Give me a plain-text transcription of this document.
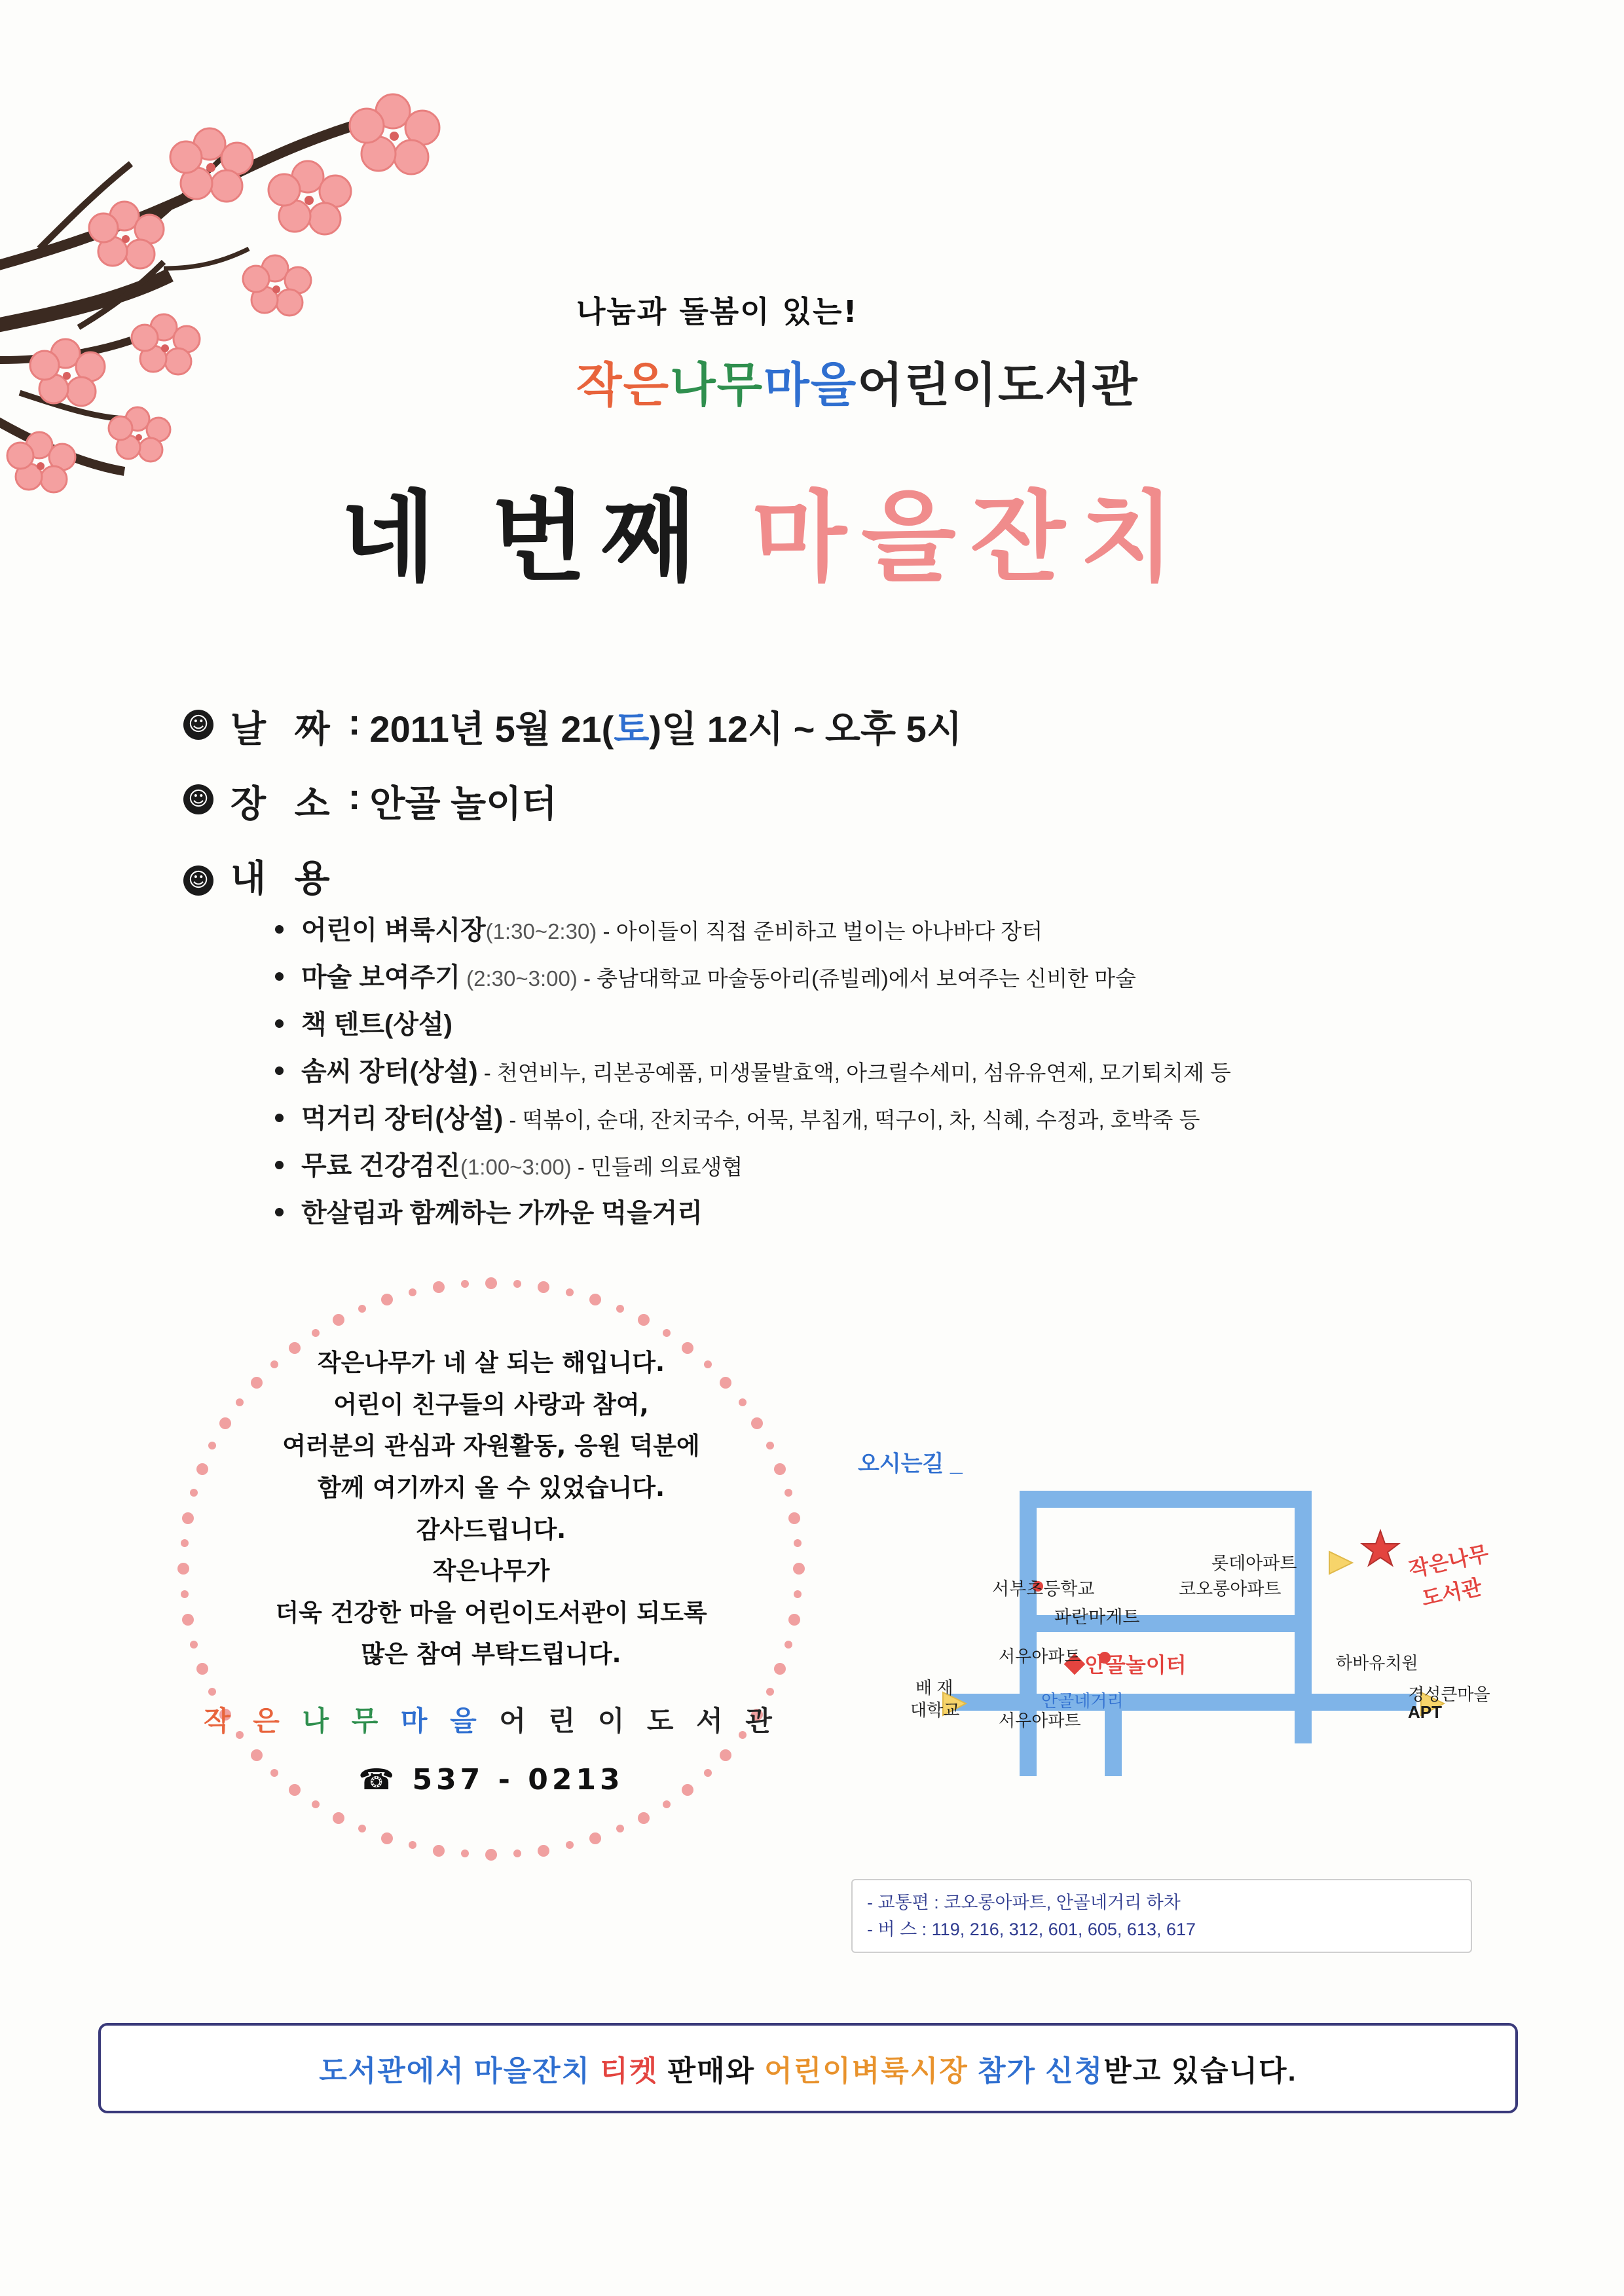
나눔과 돌봄이 있는!
작은나무마을어린이도서관
네 번째 마을잔치
☺ 날 짜 : 2011년 5월 21(토)일 12시 ~ 오후 5시
☺ 장 소 : 안골 놀이터
☺ 내 용
어린이 벼룩시장(1:30~2:30) - 아이들이 직접 준비하고 벌이는 아나바다 장터
마술 보여주기 (2:30~3:00) - 충남대학교 마술동아리(쥬빌레)에서 보여주는 신비한 마술
책 텐트(상설)
솜씨 장터(상설) - 천연비누, 리본공예품, 미생물발효액, 아크릴수세미, 섬유유연제, 모기퇴치제 등
먹거리 장터(상설) - 떡볶이, 순대, 잔치국수, 어묵, 부침개, 떡구이, 차, 식혜, 수정과, 호박죽 등
무료 건강검진(1:00~3:00) - 민들레 의료생협
한살림과 함께하는 가까운 먹을거리
작은나무가 네 살 되는 해입니다.
어린이 친구들의 사랑과 참여,
여러분의 관심과 자원활동, 응원 덕분에
함께 여기까지 올 수 있었습니다.
감사드립니다.
작은나무가
더욱 건강한 마을 어린이도서관이 되도록
많은 참여 부탁드립니다.
작 은 나 무 마 을 어 린 이 도 서 관
☎ 537 - 0213
오시는길 _
롯데아파트
코오롱아파트
서부초등학교
파란마게트
◆안골놀이터	하바유치원
서우아파트
안골네거리
서우아파트
배 재
대학교
경성큰마을
APT
작은나무
도서관
- 교통편 : 코오롱아파트, 안골네거리 하차
- 버 스 : 119, 216, 312, 601, 605, 613, 617
도서관에서 마을잔치 티켓 판매와 어린이벼룩시장 참가 신청받고 있습니다.
